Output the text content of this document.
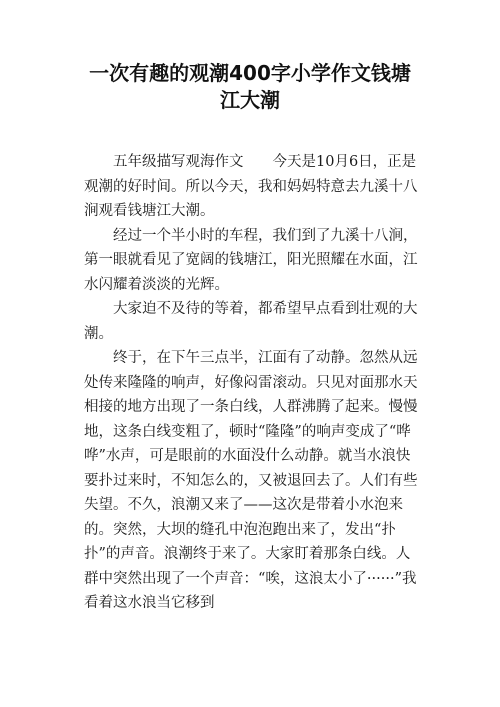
一次有趣的观潮400字小学作文钱塘
江大潮

五年级描写观海作文　　今天是10月6日，正是观潮的好时间。所以今天，我和妈妈特意去九溪十八涧观看钱塘江大潮。

经过一个半小时的车程，我们到了九溪十八涧，第一眼就看见了宽阔的钱塘江，阳光照耀在水面，江水闪耀着淡淡的光辉。

大家迫不及待的等着，都希望早点看到壮观的大潮。

终于，在下午三点半，江面有了动静。忽然从远处传来隆隆的响声，好像闷雷滚动。只见对面那水天相接的地方出现了一条白线，人群沸腾了起来。慢慢地，这条白线变粗了，顿时“隆隆”的响声变成了“哗哗”水声，可是眼前的水面没什么动静。就当水浪快要扑过来时，不知怎么的，又被退回去了。人们有些失望。不久，浪潮又来了——这次是带着小水泡来的。突然，大坝的缝孔中泡泡跑出来了，发出“扑扑”的声音。浪潮终于来了。大家盯着那条白线。人群中突然出现了一个声音：“唉，这浪太小了······”我看着这水浪当它移到
